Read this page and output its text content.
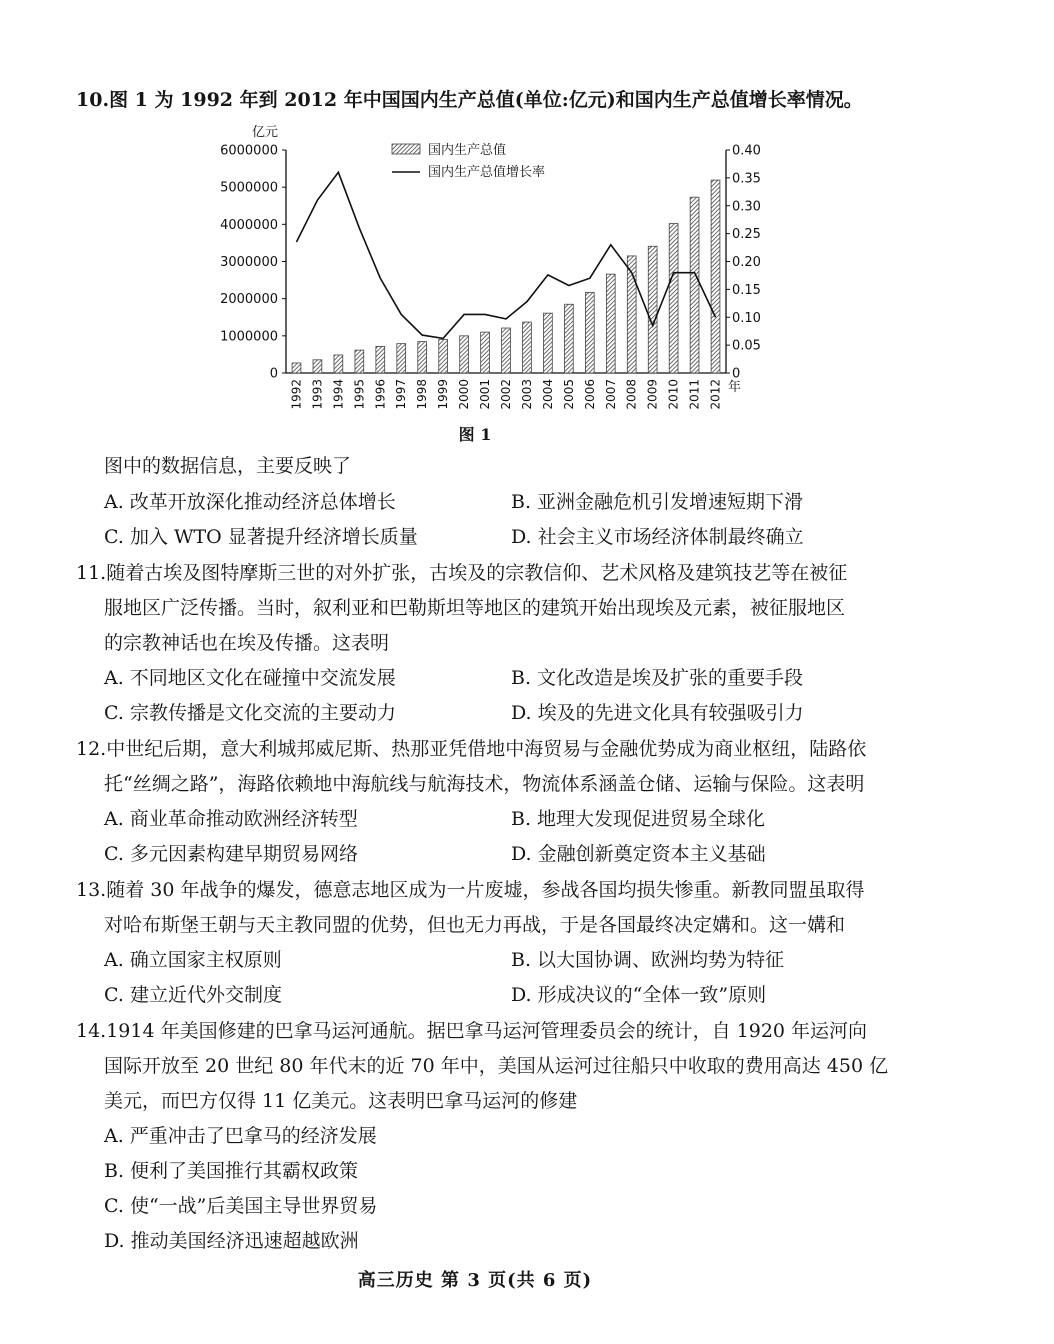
10.图 1 为 1992 年到 2012 年中国国内生产总值(单位:亿元)和国内生产总值增长率情况。
0
1000000
2000000
3000000
4000000
5000000
6000000
亿元
0
0.05
0.10
0.15
0.20
0.25
0.30
0.35
0.40
年
1992 1993 1994 1995 1996 1997 1998 1999 2000 2001 2002 2003 2004 2005 2006 2007 2008 2009 2010 2011 2012
国内生产总值
国内生产总值增长率
图 1
图中的数据信息，主要反映了
A. 改革开放深化推动经济总体增长	B. 亚洲金融危机引发增速短期下滑
C. 加入 WTO 显著提升经济增长质量	D. 社会主义市场经济体制最终确立
11.随着古埃及图特摩斯三世的对外扩张，古埃及的宗教信仰、艺术风格及建筑技艺等在被征
服地区广泛传播。当时，叙利亚和巴勒斯坦等地区的建筑开始出现埃及元素，被征服地区
的宗教神话也在埃及传播。这表明
A. 不同地区文化在碰撞中交流发展	B. 文化改造是埃及扩张的重要手段
C. 宗教传播是文化交流的主要动力	D. 埃及的先进文化具有较强吸引力
12.中世纪后期，意大利城邦威尼斯、热那亚凭借地中海贸易与金融优势成为商业枢纽，陆路依
托“丝绸之路”，海路依赖地中海航线与航海技术，物流体系涵盖仓储、运输与保险。这表明
A. 商业革命推动欧洲经济转型	B. 地理大发现促进贸易全球化
C. 多元因素构建早期贸易网络	D. 金融创新奠定资本主义基础
13.随着 30 年战争的爆发，德意志地区成为一片废墟，参战各国均损失惨重。新教同盟虽取得
对哈布斯堡王朝与天主教同盟的优势，但也无力再战，于是各国最终决定媾和。这一媾和
A. 确立国家主权原则	B. 以大国协调、欧洲均势为特征
C. 建立近代外交制度	D. 形成决议的“全体一致”原则
14.1914 年美国修建的巴拿马运河通航。据巴拿马运河管理委员会的统计，自 1920 年运河向
国际开放至 20 世纪 80 年代末的近 70 年中，美国从运河过往船只中收取的费用高达 450 亿
美元，而巴方仅得 11 亿美元。这表明巴拿马运河的修建
A. 严重冲击了巴拿马的经济发展
B. 便利了美国推行其霸权政策
C. 使“一战”后美国主导世界贸易
D. 推动美国经济迅速超越欧洲
高三历史 第 3 页(共 6 页)
